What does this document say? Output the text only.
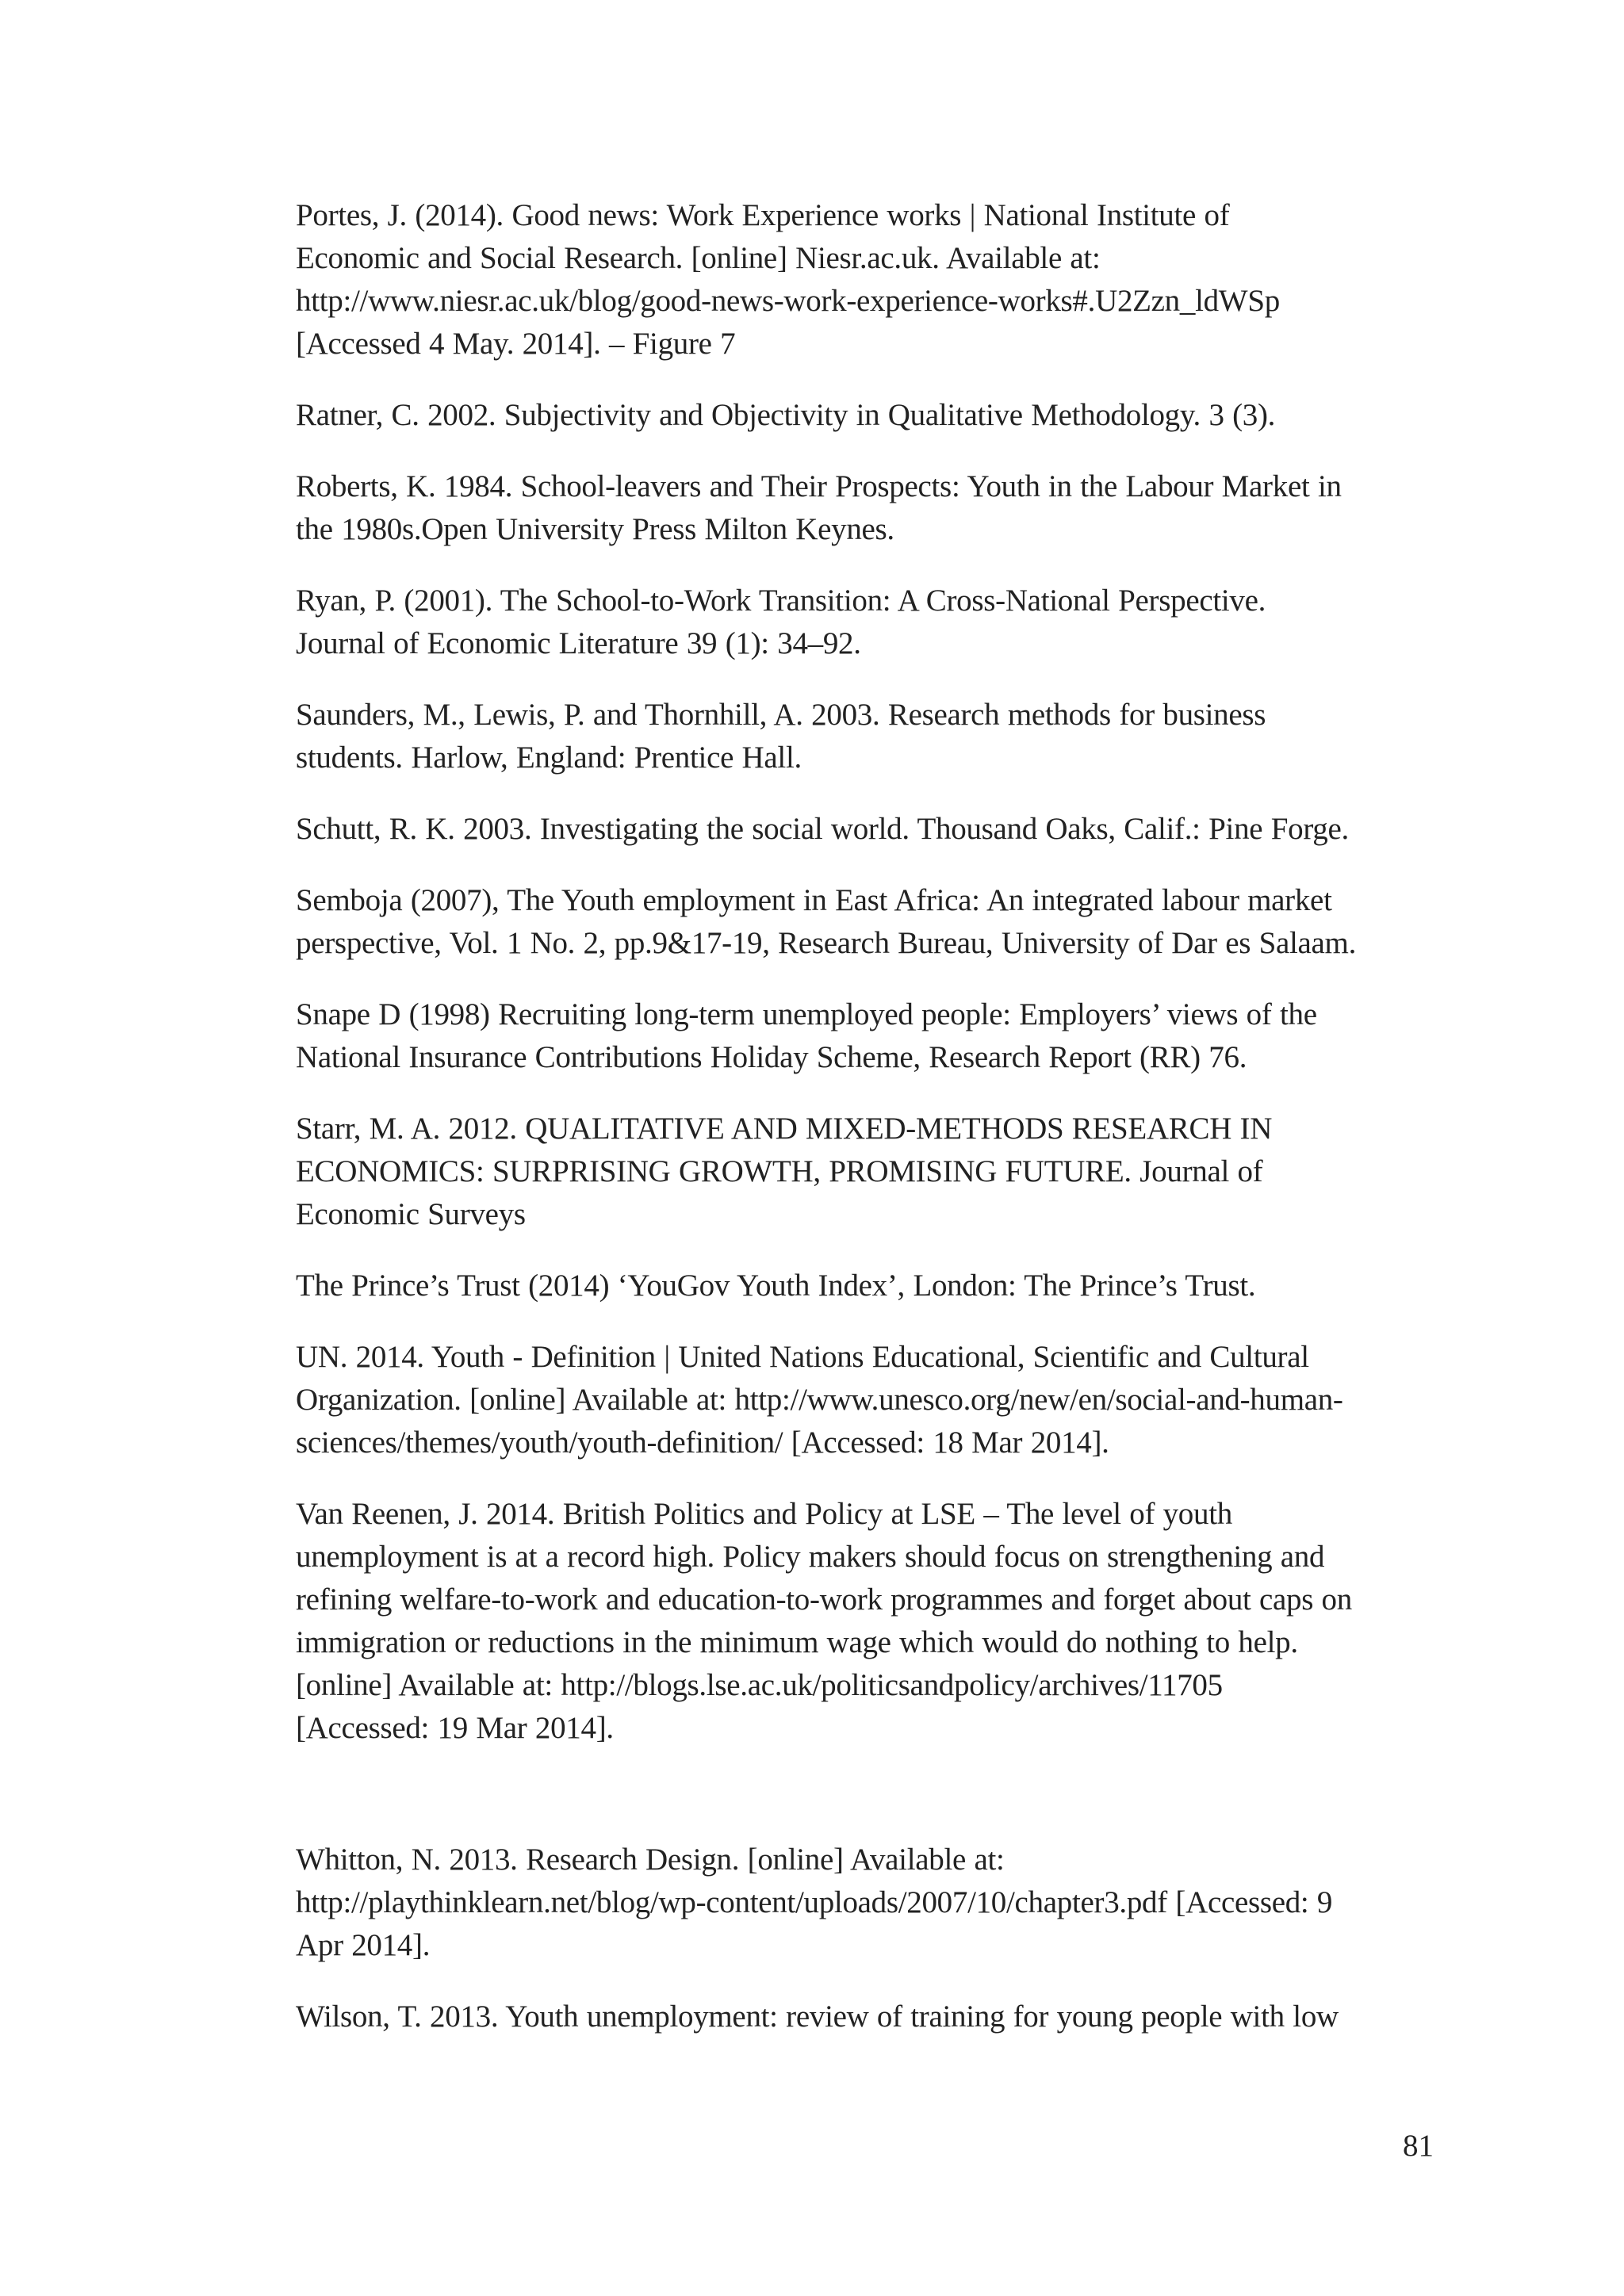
Portes, J. (2014). Good news: Work Experience works | National Institute of
Economic and Social Research. [online] Niesr.ac.uk. Available at:
http://www.niesr.ac.uk/blog/good-news-work-experience-works#.U2Zzn_ldWSp
[Accessed 4 May. 2014]. – Figure 7

Ratner, C. 2002. Subjectivity and Objectivity in Qualitative Methodology. 3 (3).

Roberts, K. 1984. School-leavers and Their Prospects: Youth in the Labour Market in
the 1980s.Open University Press Milton Keynes.

Ryan, P. (2001). The School-to-Work Transition: A Cross-National Perspective.
Journal of Economic Literature 39 (1): 34–92.

Saunders, M., Lewis, P. and Thornhill, A. 2003. Research methods for business
students. Harlow, England: Prentice Hall.

Schutt, R. K. 2003. Investigating the social world. Thousand Oaks, Calif.: Pine Forge.

Semboja (2007), The Youth employment in East Africa: An integrated labour market
perspective, Vol. 1 No. 2, pp.9&17-19, Research Bureau, University of Dar es Salaam.

Snape D (1998) Recruiting long-term unemployed people: Employers’ views of the
National Insurance Contributions Holiday Scheme, Research Report (RR) 76.

Starr, M. A. 2012. QUALITATIVE AND MIXED-METHODS RESEARCH IN
ECONOMICS: SURPRISING GROWTH, PROMISING FUTURE. Journal of
Economic Surveys

The Prince’s Trust (2014) ‘YouGov Youth Index’, London: The Prince’s Trust.

UN. 2014. Youth - Definition | United Nations Educational, Scientific and Cultural
Organization. [online] Available at: http://www.unesco.org/new/en/social-and-human-
sciences/themes/youth/youth-definition/ [Accessed: 18 Mar 2014].

Van Reenen, J. 2014. British Politics and Policy at LSE – The level of youth
unemployment is at a record high. Policy makers should focus on strengthening and
refining welfare-to-work and education-to-work programmes and forget about caps on
immigration or reductions in the minimum wage which would do nothing to help.
[online] Available at: http://blogs.lse.ac.uk/politicsandpolicy/archives/11705
[Accessed: 19 Mar 2014].

Whitton, N. 2013. Research Design. [online] Available at:
http://playthinklearn.net/blog/wp-content/uploads/2007/10/chapter3.pdf [Accessed: 9
Apr 2014].

Wilson, T. 2013. Youth unemployment: review of training for young people with low

81
